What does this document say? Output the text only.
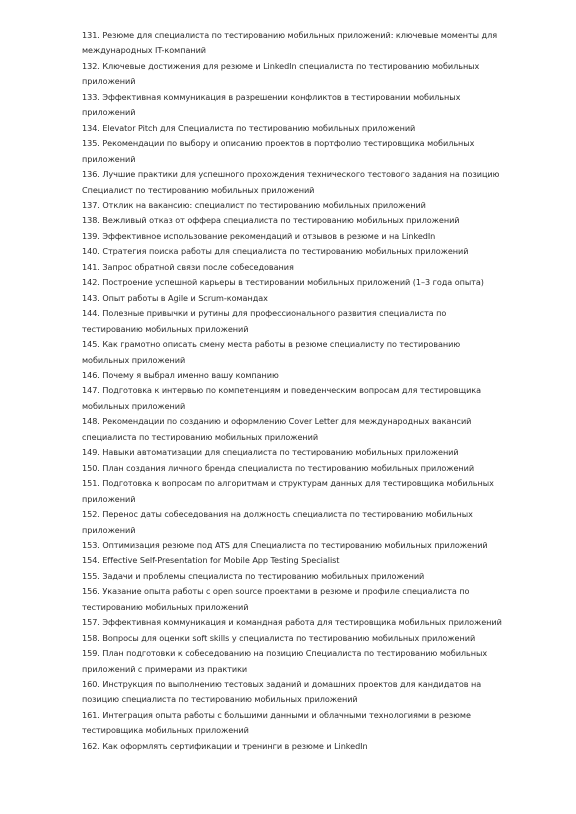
131. Резюме для специалиста по тестированию мобильных приложений: ключевые моменты для международных IT-компаний
132. Ключевые достижения для резюме и LinkedIn специалиста по тестированию мобильных приложений
133. Эффективная коммуникация в разрешении конфликтов в тестировании мобильных приложений
134. Elevator Pitch для Специалиста по тестированию мобильных приложений
135. Рекомендации по выбору и описанию проектов в портфолио тестировщика мобильных приложений
136. Лучшие практики для успешного прохождения технического тестового задания на позицию Специалист по тестированию мобильных приложений
137. Отклик на вакансию: специалист по тестированию мобильных приложений
138. Вежливый отказ от оффера специалиста по тестированию мобильных приложений
139. Эффективное использование рекомендаций и отзывов в резюме и на LinkedIn
140. Стратегия поиска работы для специалиста по тестированию мобильных приложений
141. Запрос обратной связи после собеседования
142. Построение успешной карьеры в тестировании мобильных приложений (1–3 года опыта)
143. Опыт работы в Agile и Scrum-командах
144. Полезные привычки и рутины для профессионального развития специалиста по тестированию мобильных приложений
145. Как грамотно описать смену места работы в резюме специалисту по тестированию мобильных приложений
146. Почему я выбрал именно вашу компанию
147. Подготовка к интервью по компетенциям и поведенческим вопросам для тестировщика мобильных приложений
148. Рекомендации по созданию и оформлению Cover Letter для международных вакансий специалиста по тестированию мобильных приложений
149. Навыки автоматизации для специалиста по тестированию мобильных приложений
150. План создания личного бренда специалиста по тестированию мобильных приложений
151. Подготовка к вопросам по алгоритмам и структурам данных для тестировщика мобильных приложений
152. Перенос даты собеседования на должность специалиста по тестированию мобильных приложений
153. Оптимизация резюме под ATS для Специалиста по тестированию мобильных приложений
154. Effective Self-Presentation for Mobile App Testing Specialist
155. Задачи и проблемы специалиста по тестированию мобильных приложений
156. Указание опыта работы с open source проектами в резюме и профиле специалиста по тестированию мобильных приложений
157. Эффективная коммуникация и командная работа для тестировщика мобильных приложений
158. Вопросы для оценки soft skills у специалиста по тестированию мобильных приложений
159. План подготовки к собеседованию на позицию Специалиста по тестированию мобильных приложений с примерами из практики
160. Инструкция по выполнению тестовых заданий и домашних проектов для кандидатов на позицию специалиста по тестированию мобильных приложений
161. Интеграция опыта работы с большими данными и облачными технологиями в резюме тестировщика мобильных приложений
162. Как оформлять сертификации и тренинги в резюме и LinkedIn
